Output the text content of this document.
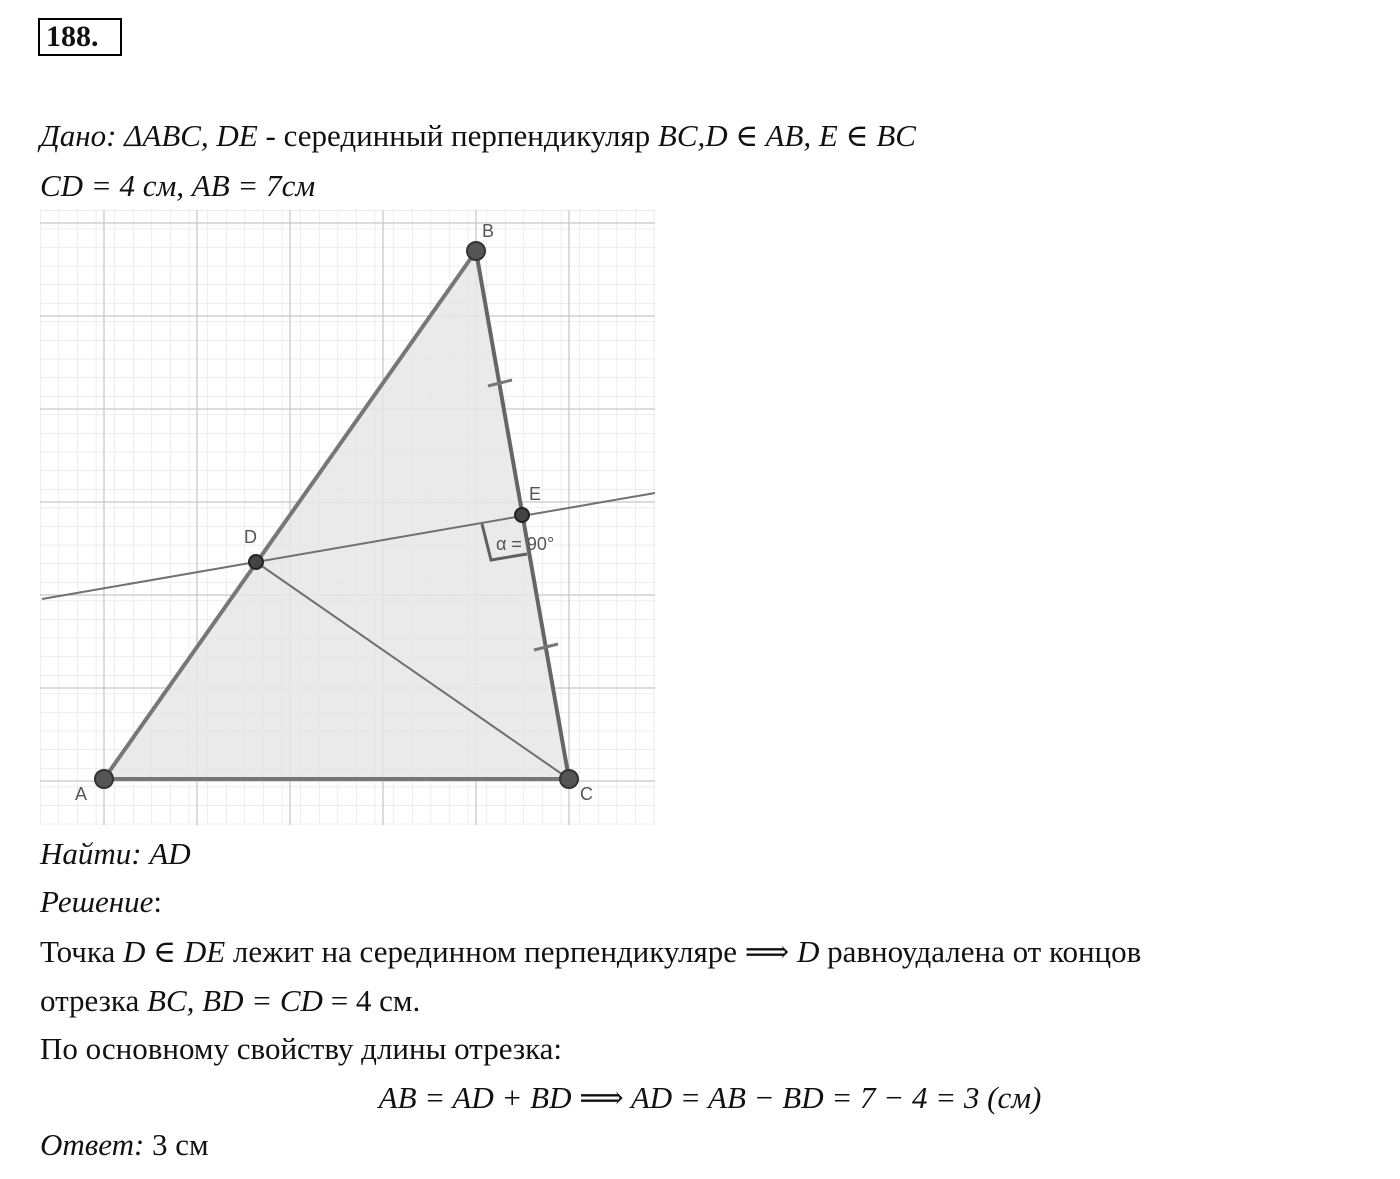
188.
Дано: ΔABC, DE - серединный перпендикуляр BC,D ∈ AB, E ∈ BC
CD = 4 см, AB = 7см
A
B
C
D
E
α = 90°
Найти: AD
Решение:
Точка D ∈ DE лежит на серединном перпендикуляре ⟹ D равноудалена от концов
отрезка BC, BD = CD = 4 см.
По основному свойству длины отрезка:
AB = AD + BD ⟹ AD = AB − BD = 7 − 4 = 3 (см)
Ответ: 3 см
